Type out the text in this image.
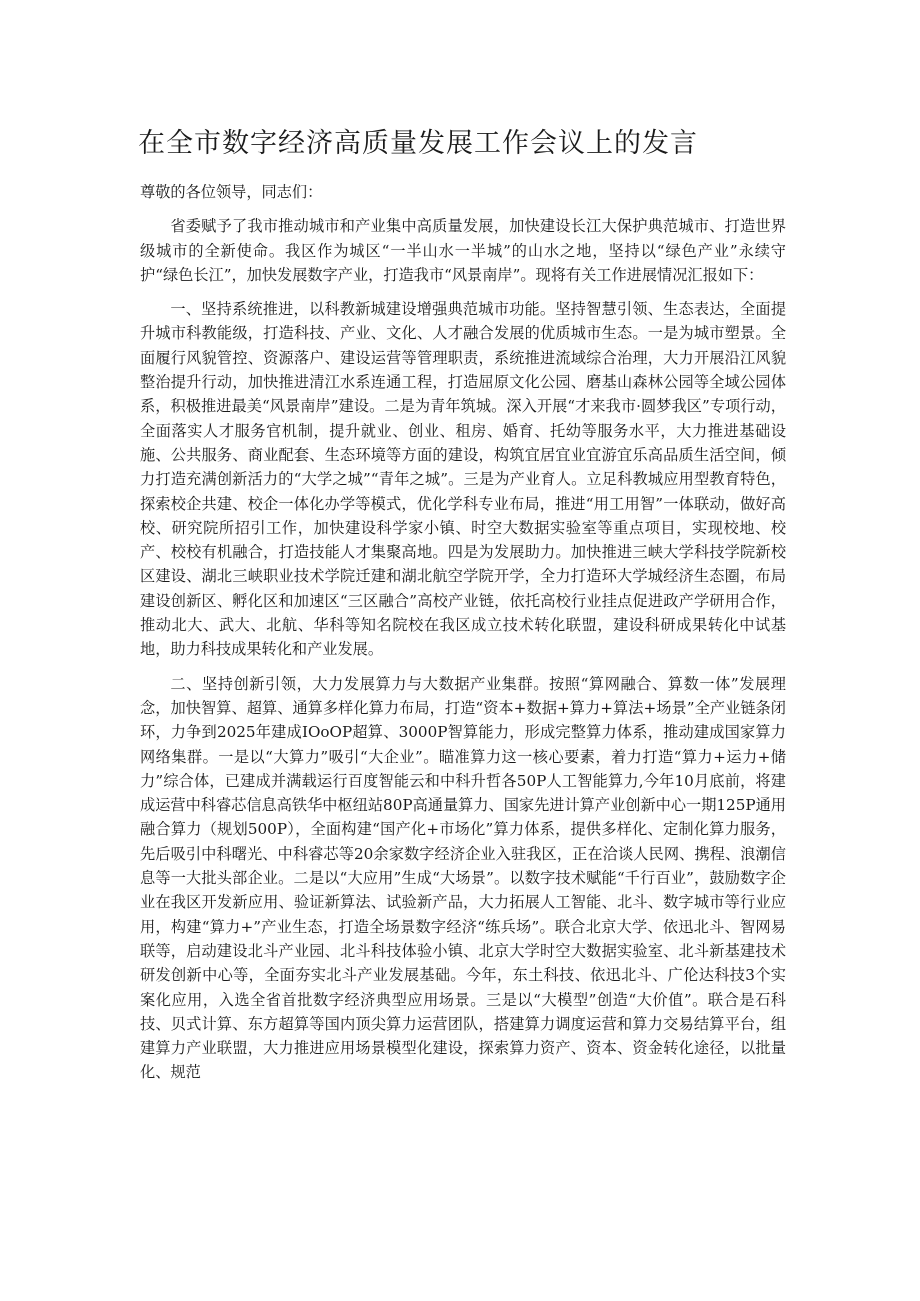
在全市数字经济高质量发展工作会议上的发言

尊敬的各位领导，同志们：

省委赋予了我市推动城市和产业集中高质量发展，加快建设长江大保护典范城市、打造世界级城市的全新使命。我区作为城区“一半山水一半城”的山水之地，坚持以“绿色产业”永续守护“绿色长江”，加快发展数字产业，打造我市“风景南岸”。现将有关工作进展情况汇报如下：

一、坚持系统推进，以科教新城建设增强典范城市功能。坚持智慧引领、生态表达，全面提升城市科教能级，打造科技、产业、文化、人才融合发展的优质城市生态。一是为城市塑景。全面履行风貌管控、资源落户、建设运营等管理职责，系统推进流域综合治理，大力开展沿江风貌整治提升行动，加快推进清江水系连通工程，打造屈原文化公园、磨基山森林公园等全域公园体系，积极推进最美“风景南岸”建设。二是为青年筑城。深入开展“才来我市·圆梦我区”专项行动，全面落实人才服务官机制，提升就业、创业、租房、婚育、托幼等服务水平，大力推进基础设施、公共服务、商业配套、生态环境等方面的建设，构筑宜居宜业宜游宜乐高品质生活空间，倾力打造充满创新活力的“大学之城”“青年之城”。三是为产业育人。立足科教城应用型教育特色，探索校企共建、校企一体化办学等模式，优化学科专业布局，推进“用工用智”一体联动，做好高校、研究院所招引工作，加快建设科学家小镇、时空大数据实验室等重点项目，实现校地、校产、校校有机融合，打造技能人才集聚高地。四是为发展助力。加快推进三峡大学科技学院新校区建设、湖北三峡职业技术学院迁建和湖北航空学院开学，全力打造环大学城经济生态圈，布局建设创新区、孵化区和加速区“三区融合”高校产业链，依托高校行业挂点促进政产学研用合作，推动北大、武大、北航、华科等知名院校在我区成立技术转化联盟，建设科研成果转化中试基地，助力科技成果转化和产业发展。

二、坚持创新引领，大力发展算力与大数据产业集群。按照“算网融合、算数一体”发展理念，加快智算、超算、通算多样化算力布局，打造“资本+数据+算力+算法+场景”全产业链条闭环，力争到2025年建成IOoOP超算、3000P智算能力，形成完整算力体系，推动建成国家算力网络集群。一是以“大算力”吸引“大企业”。瞄准算力这一核心要素，着力打造“算力+运力+储力”综合体，已建成并满载运行百度智能云和中科升哲各50P人工智能算力,今年10月底前，将建成运营中科睿芯信息高铁华中枢纽站80P高通量算力、国家先进计算产业创新中心一期125P通用融合算力（规划500P），全面构建“国产化+市场化”算力体系，提供多样化、定制化算力服务，先后吸引中科曙光、中科睿芯等20余家数字经济企业入驻我区，正在洽谈人民网、携程、浪潮信息等一大批头部企业。二是以“大应用”生成“大场景”。以数字技术赋能“千行百业”，鼓励数字企业在我区开发新应用、验证新算法、试验新产品，大力拓展人工智能、北斗、数字城市等行业应用，构建“算力+”产业生态，打造全场景数字经济“练兵场”。联合北京大学、依迅北斗、智网易联等，启动建设北斗产业园、北斗科技体验小镇、北京大学时空大数据实验室、北斗新基建技术研发创新中心等，全面夯实北斗产业发展基础。今年，东土科技、依迅北斗、广伦达科技3个实案化应用，入选全省首批数字经济典型应用场景。三是以“大模型”创造“大价值”。联合是石科技、贝式计算、东方超算等国内顶尖算力运营团队，搭建算力调度运营和算力交易结算平台，组建算力产业联盟，大力推进应用场景模型化建设，探索算力资产、资本、资金转化途径，以批量化、规范
